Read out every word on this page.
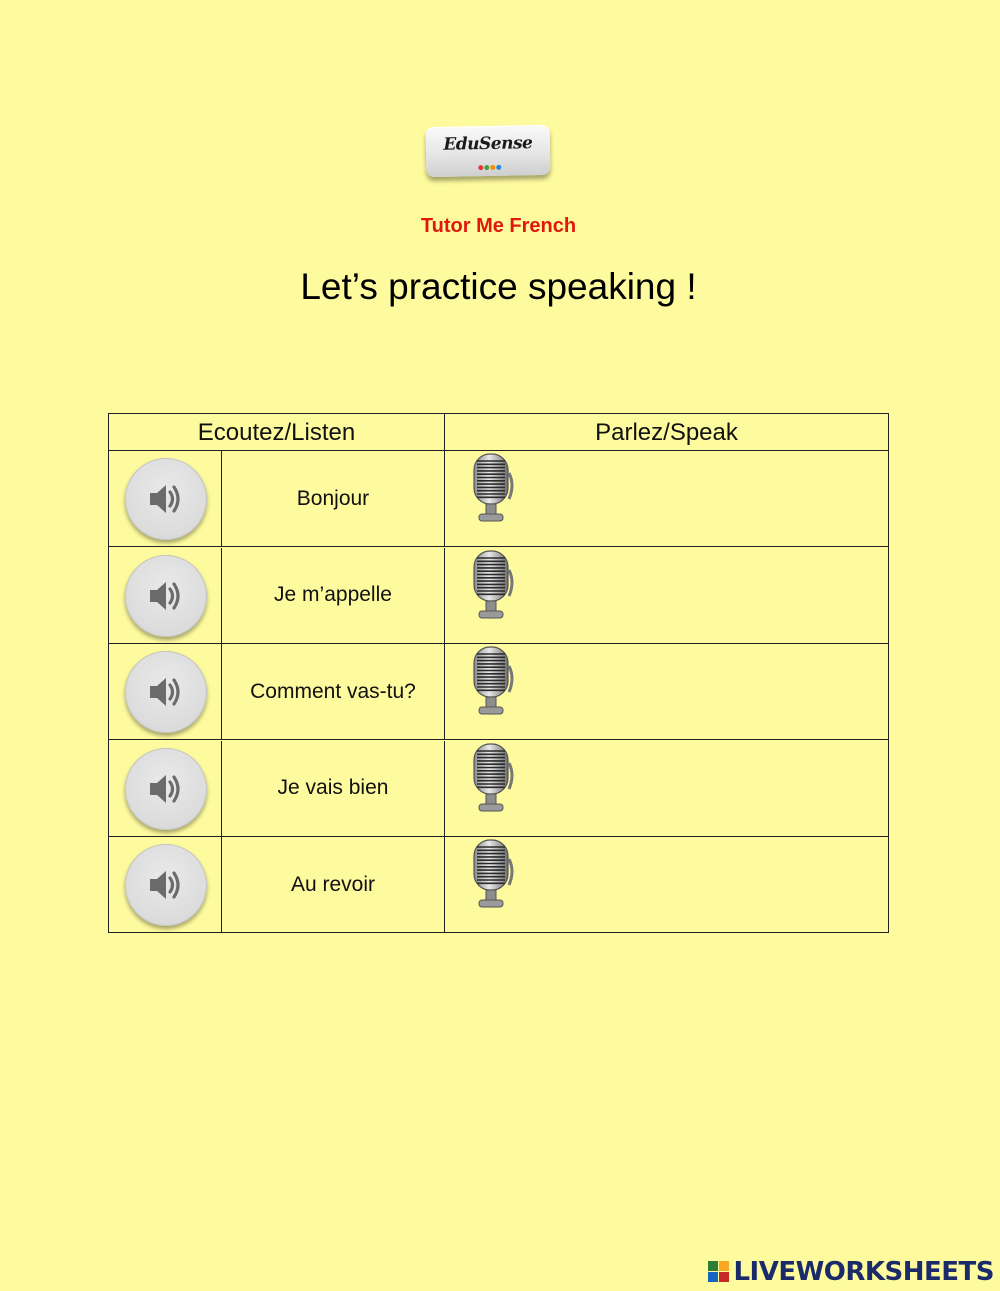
EduSense
Tutor Me French
Let’s practice speaking !
Ecoutez/Listen	Parlez/Speak
Bonjour
Je m’appelle
Comment vas-tu?
Je vais bien
Au revoir
LIVEWORKSHEETS
